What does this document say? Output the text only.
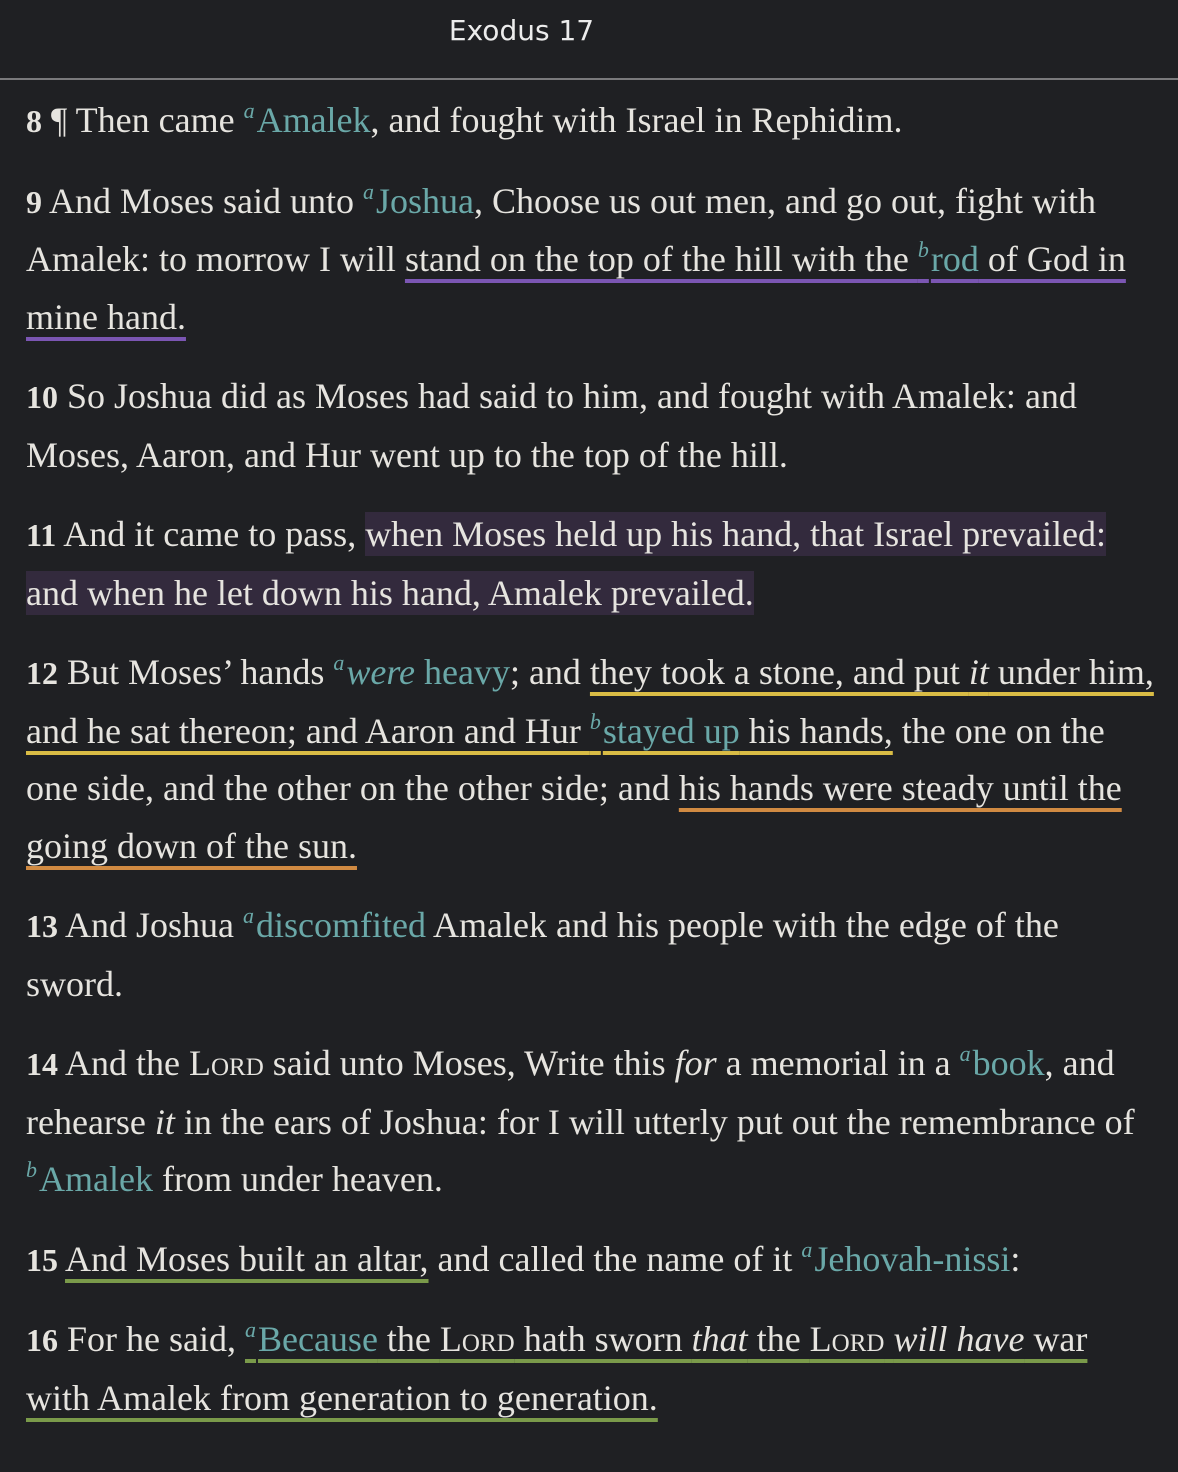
Exodus 17

8 ¶ Then came $^a$Amalek, and fought with Israel in Rephidim.

9 And Moses said unto $^a$Joshua, Choose us out men, and go out, fight with Amalek: to morrow I will stand on the top of the hill with the $^b$rod of God in mine hand.

10 So Joshua did as Moses had said to him, and fought with Amalek: and Moses, Aaron, and Hur went up to the top of the hill.

11 And it came to pass, when Moses held up his hand, that Israel prevailed: and when he let down his hand, Amalek prevailed.

12 But Moses’ hands $^a$were heavy; and they took a stone, and put it under him, and he sat thereon; and Aaron and Hur $^b$stayed up his hands, the one on the one side, and the other on the other side; and his hands were steady until the going down of the sun.

13 And Joshua $^a$discomfited Amalek and his people with the edge of the sword.

14 And the Lord said unto Moses, Write this for a memorial in a $^a$book, and rehearse it in the ears of Joshua: for I will utterly put out the remembrance of $^b$Amalek from under heaven.

15 And Moses built an altar, and called the name of it $^a$Jehovah-nissi:

16 For he said, $^a$Because the Lord hath sworn that the Lord will have war with Amalek from generation to generation.
